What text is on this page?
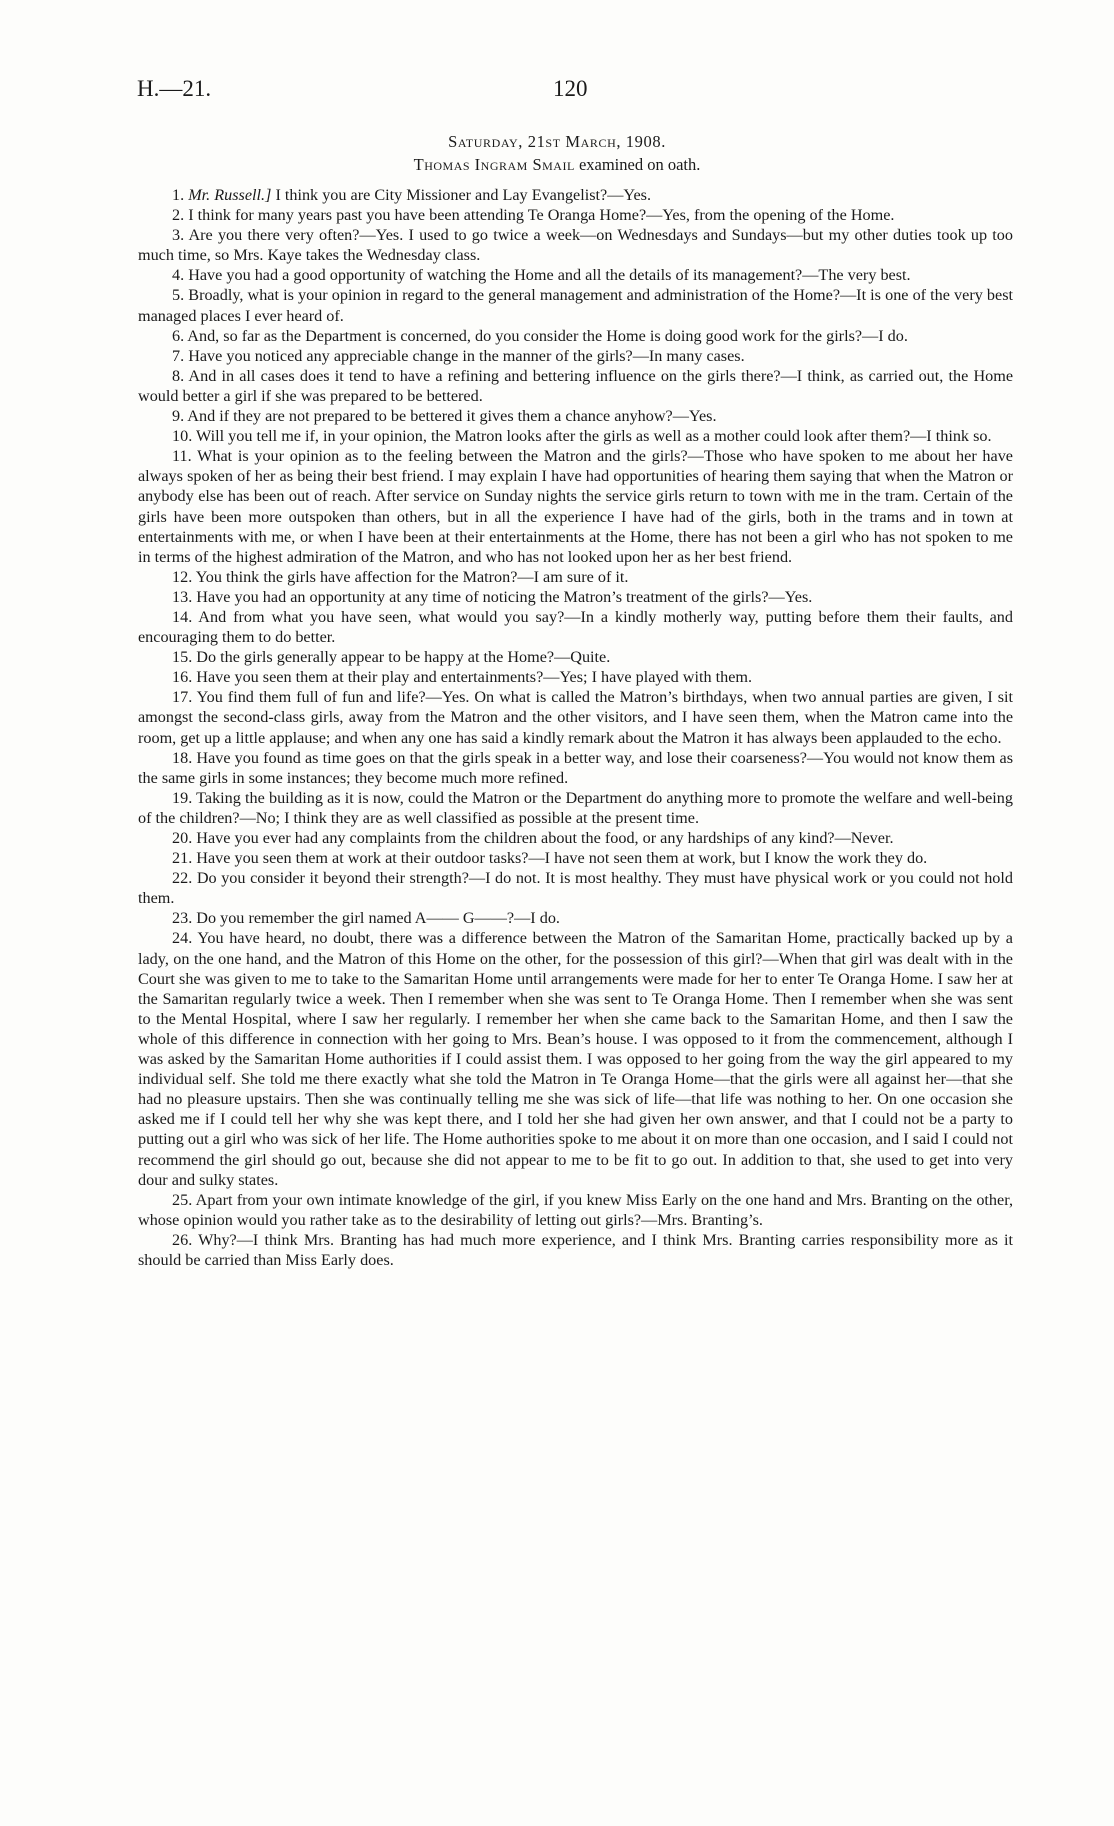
H.—21.	120
Saturday, 21st March, 1908.
Thomas Ingram Smail examined on oath.

1. Mr. Russell.] I think you are City Missioner and Lay Evangelist?—Yes.

2. I think for many years past you have been attending Te Oranga Home?—Yes, from the opening of the Home.

3. Are you there very often?—Yes. I used to go twice a week—on Wednesdays and Sundays—but my other duties took up too much time, so Mrs. Kaye takes the Wednesday class.

4. Have you had a good opportunity of watching the Home and all the details of its management?—The very best.

5. Broadly, what is your opinion in regard to the general management and administration of the Home?—It is one of the very best managed places I ever heard of.

6. And, so far as the Department is concerned, do you consider the Home is doing good work for the girls?—I do.

7. Have you noticed any appreciable change in the manner of the girls?—In many cases.

8. And in all cases does it tend to have a refining and bettering influence on the girls there?—I think, as carried out, the Home would better a girl if she was prepared to be bettered.

9. And if they are not prepared to be bettered it gives them a chance anyhow?—Yes.

10. Will you tell me if, in your opinion, the Matron looks after the girls as well as a mother could look after them?—I think so.

11. What is your opinion as to the feeling between the Matron and the girls?—Those who have spoken to me about her have always spoken of her as being their best friend. I may explain I have had opportunities of hearing them saying that when the Matron or anybody else has been out of reach. After service on Sunday nights the service girls return to town with me in the tram. Certain of the girls have been more outspoken than others, but in all the experience I have had of the girls, both in the trams and in town at entertainments with me, or when I have been at their entertainments at the Home, there has not been a girl who has not spoken to me in terms of the highest admiration of the Matron, and who has not looked upon her as her best friend.

12. You think the girls have affection for the Matron?—I am sure of it.

13. Have you had an opportunity at any time of noticing the Matron’s treatment of the girls?—Yes.

14. And from what you have seen, what would you say?—In a kindly motherly way, putting before them their faults, and encouraging them to do better.

15. Do the girls generally appear to be happy at the Home?—Quite.

16. Have you seen them at their play and entertainments?—Yes; I have played with them.

17. You find them full of fun and life?—Yes. On what is called the Matron’s birthdays, when two annual parties are given, I sit amongst the second-class girls, away from the Matron and the other visitors, and I have seen them, when the Matron came into the room, get up a little applause; and when any one has said a kindly remark about the Matron it has always been applauded to the echo.

18. Have you found as time goes on that the girls speak in a better way, and lose their coarseness?—You would not know them as the same girls in some instances; they become much more refined.

19. Taking the building as it is now, could the Matron or the Department do anything more to promote the welfare and well-being of the children?—No; I think they are as well classified as possible at the present time.

20. Have you ever had any complaints from the children about the food, or any hardships of any kind?—Never.

21. Have you seen them at work at their outdoor tasks?—I have not seen them at work, but I know the work they do.

22. Do you consider it beyond their strength?—I do not. It is most healthy. They must have physical work or you could not hold them.

23. Do you remember the girl named A—— G——?—I do.

24. You have heard, no doubt, there was a difference between the Matron of the Samaritan Home, practically backed up by a lady, on the one hand, and the Matron of this Home on the other, for the possession of this girl?—When that girl was dealt with in the Court she was given to me to take to the Samaritan Home until arrangements were made for her to enter Te Oranga Home. I saw her at the Samaritan regularly twice a week. Then I remember when she was sent to Te Oranga Home. Then I remember when she was sent to the Mental Hospital, where I saw her regularly. I remember her when she came back to the Samaritan Home, and then I saw the whole of this difference in connection with her going to Mrs. Bean’s house. I was opposed to it from the commencement, although I was asked by the Samaritan Home authorities if I could assist them. I was opposed to her going from the way the girl appeared to my individual self. She told me there exactly what she told the Matron in Te Oranga Home—that the girls were all against her—that she had no pleasure upstairs. Then she was continually telling me she was sick of life—that life was nothing to her. On one occasion she asked me if I could tell her why she was kept there, and I told her she had given her own answer, and that I could not be a party to putting out a girl who was sick of her life. The Home authorities spoke to me about it on more than one occasion, and I said I could not recommend the girl should go out, because she did not appear to me to be fit to go out. In addition to that, she used to get into very dour and sulky states.

25. Apart from your own intimate knowledge of the girl, if you knew Miss Early on the one hand and Mrs. Branting on the other, whose opinion would you rather take as to the desirability of letting out girls?—Mrs. Branting’s.

26. Why?—I think Mrs. Branting has had much more experience, and I think Mrs. Branting carries responsibility more as it should be carried than Miss Early does.
